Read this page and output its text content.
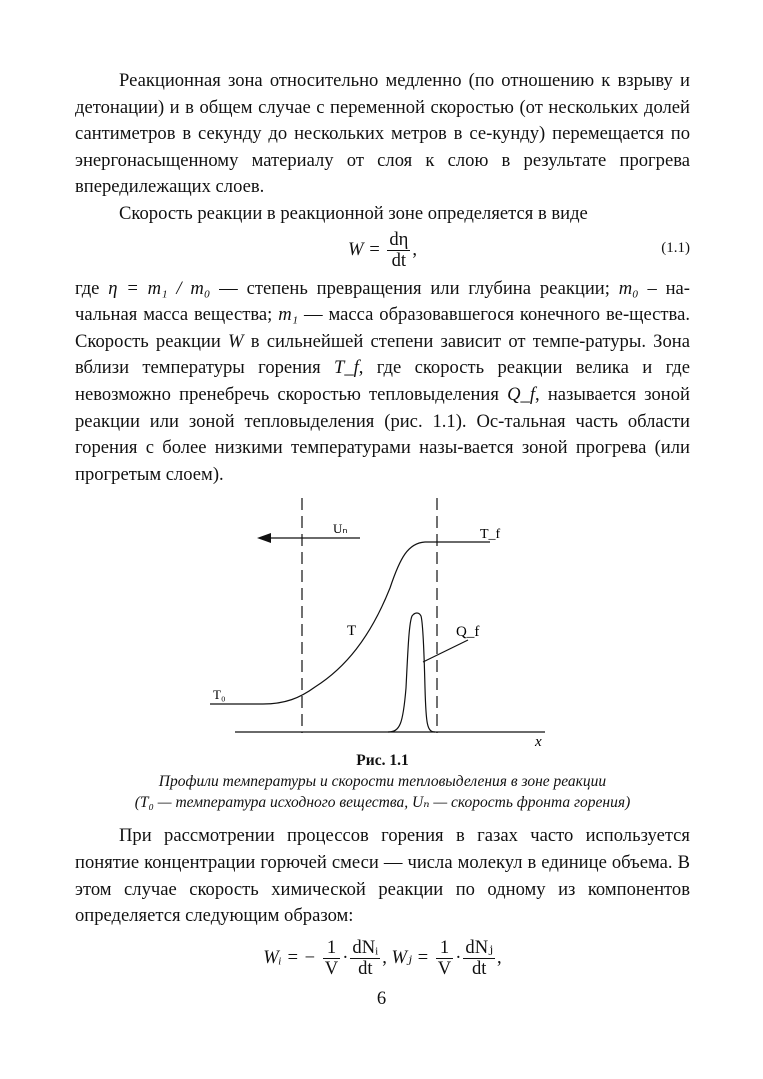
Реакционная зона относительно медленно (по отношению к взрыву и детонации) и в общем случае с переменной скоростью (от нескольких долей сантиметров в секунду до нескольких метров в се-кунду) перемещается по энергонасыщенному материалу от слоя к слою в результате прогрева впередилежащих слоев.

Скорость реакции в реакционной зоне определяется в виде

$W = \frac{d\eta}{dt}$ ,	(1.1)

где η = m₁ / m₀ — степень превращения или глубина реакции; m₀ – на-чальная масса вещества; m₁ — масса образовавшегося конечного ве-щества. Скорость реакции W в сильнейшей степени зависит от темпе-ратуры. Зона вблизи температуры горения T_f, где скорость реакции велика и где невозможно пренебречь скоростью тепловыделения Q_f, называется зоной реакции или зоной тепловыделения (рис. 1.1). Ос-тальная часть области горения с более низкими температурами назы-вается зоной прогрева (или прогретым слоем).

Uₙ	T_f
T	Q_f
T₀
x
Рис. 1.1
Профили температуры и скорости тепловыделения в зоне реакции
(T₀ — температура исходного вещества, Uₙ — скорость фронта горения)

При рассмотрении процессов горения в газах часто используется понятие концентрации горючей смеси — числа молекул в единице объема. В этом случае скорость химической реакции по одному из компонентов определяется следующим образом:

Wᵢ = − $\frac{1}{V} \cdot \frac{\text{dNᵢ}}{dt}$ , Wⱼ = $\frac{1}{V} \cdot \frac{\text{dNⱼ}}{dt}$ ,
6
